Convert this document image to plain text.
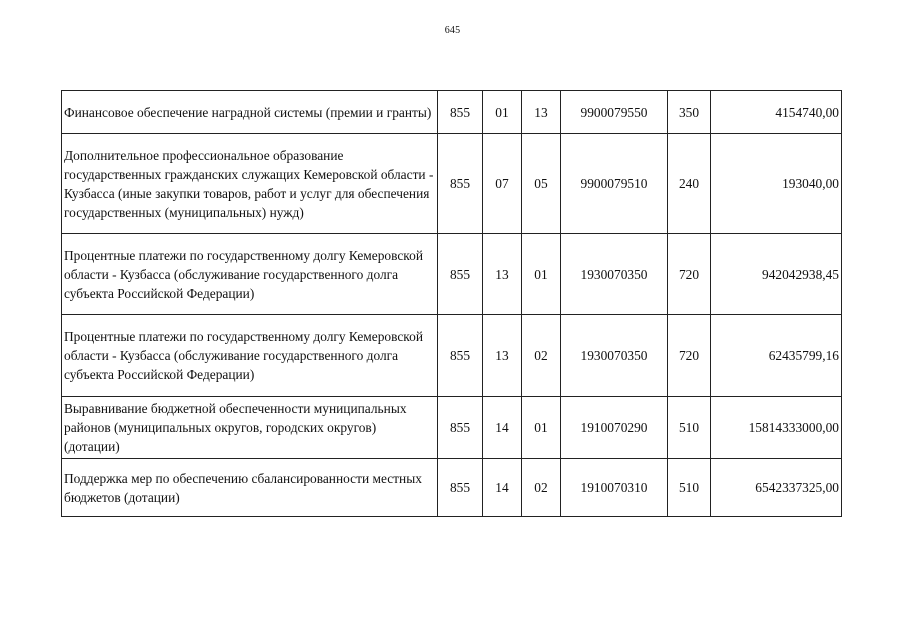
645
Финансовое обеспечение наградной системы (премии и гранты)	855	01	13	9900079550	350	4154740,00
Дополнительное профессиональное образование государственных гражданских служащих Кемеровской области - Кузбасса (иные закупки товаров, работ и услуг для обеспечения государственных (муниципальных) нужд)	855	07	05	9900079510	240	193040,00
Процентные платежи по государственному долгу Кемеровской области - Кузбасса (обслуживание государственного долга субъекта Российской Федерации)	855	13	01	1930070350	720	942042938,45
Процентные платежи по государственному долгу Кемеровской области - Кузбасса (обслуживание государственного долга субъекта Российской Федерации)	855	13	02	1930070350	720	62435799,16
Выравнивание бюджетной обеспеченности муниципальных районов (муниципальных округов, городских округов) (дотации)	855	14	01	1910070290	510	15814333000,00
Поддержка мер по обеспечению сбалансированности местных бюджетов (дотации)	855	14	02	1910070310	510	6542337325,00
